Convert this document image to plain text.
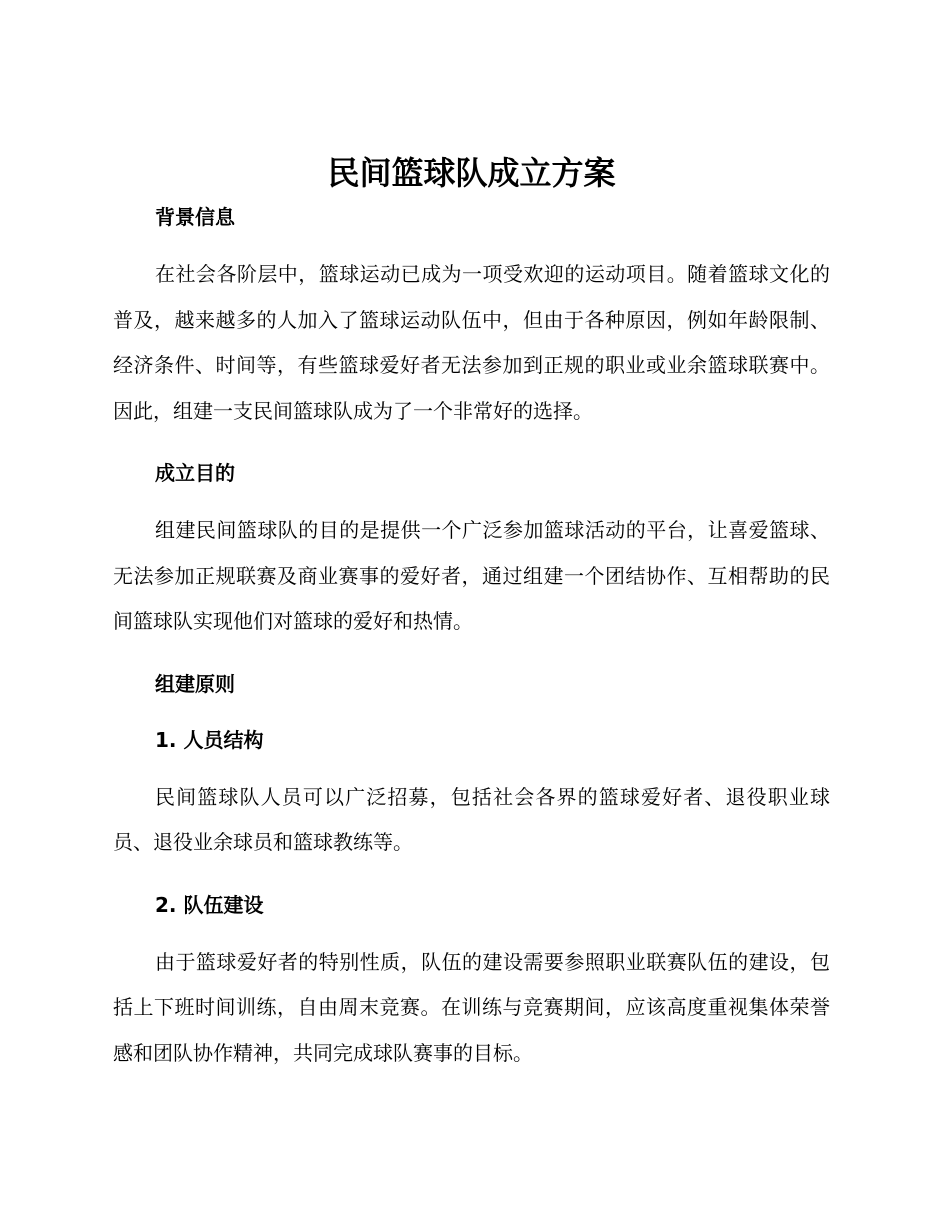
民间篮球队成立方案
背景信息

在社会各阶层中，篮球运动已成为一项受欢迎的运动项目。随着篮球文化的普及，越来越多的人加入了篮球运动队伍中，但由于各种原因，例如年龄限制、经济条件、时间等，有些篮球爱好者无法参加到正规的职业或业余篮球联赛中。因此，组建一支民间篮球队成为了一个非常好的选择。

成立目的

组建民间篮球队的目的是提供一个广泛参加篮球活动的平台，让喜爱篮球、无法参加正规联赛及商业赛事的爱好者，通过组建一个团结协作、互相帮助的民间篮球队实现他们对篮球的爱好和热情。

组建原则
1. 人员结构

民间篮球队人员可以广泛招募，包括社会各界的篮球爱好者、退役职业球员、退役业余球员和篮球教练等。

2. 队伍建设

由于篮球爱好者的特别性质，队伍的建设需要参照职业联赛队伍的建设，包括上下班时间训练，自由周末竞赛。在训练与竞赛期间，应该高度重视集体荣誉感和团队协作精神，共同完成球队赛事的目标。
